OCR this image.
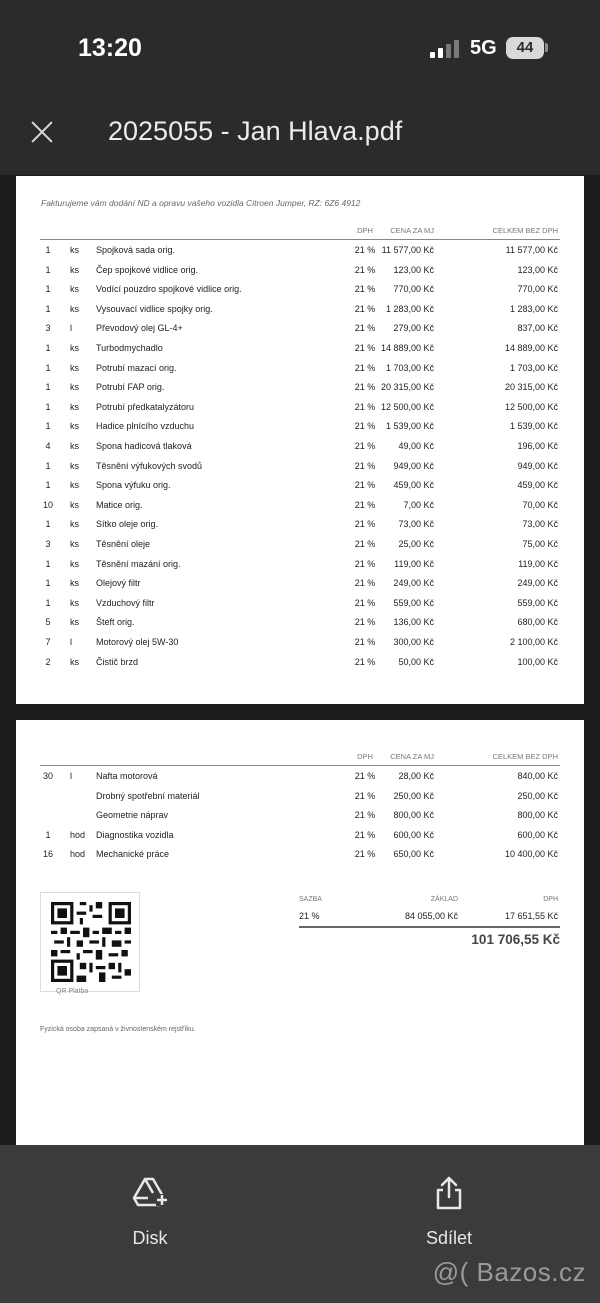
13:20	5G	44
2025055 - Jan Hlava.pdf
Fakturujeme vám dodání ND a opravu vašeho vozidla Citroen Jumper, RZ: 6Z6 4912
DPH	CENA ZA MJ	CELKEM BEZ DPH
1	ks Spojková sada orig.	21 % 11 577,00 Kč	11 577,00 Kč
1	ks Čep spojkové vidlice orig.	21 %	123,00 Kč	123,00 Kč
1	ks Vodící pouzdro spojkové vidlice orig.	21 %	770,00 Kč	770,00 Kč
1	ks Vysouvací vidlice spojky orig.	21 %	1 283,00 Kč	1 283,00 Kč
3	l	Převodový olej GL-4+	21 %	279,00 Kč	837,00 Kč
1	ks Turbodmychadlo	21 % 14 889,00 Kč	14 889,00 Kč
1	ks Potrubí mazací orig.	21 %	1 703,00 Kč	1 703,00 Kč
1	ks Potrubí FAP orig.	21 % 20 315,00 Kč	20 315,00 Kč
1	ks Potrubí předkatalyzátoru	21 % 12 500,00 Kč	12 500,00 Kč
1	ks Hadice plnícího vzduchu	21 %	1 539,00 Kč	1 539,00 Kč
4	ks Spona hadicová tlaková	21 %	49,00 Kč	196,00 Kč
1	ks Těsnění výfukových svodů	21 %	949,00 Kč	949,00 Kč
1	ks Spona výfuku orig.	21 %	459,00 Kč	459,00 Kč
10	ks Matice orig.	21 %	7,00 Kč	70,00 Kč
1	ks Sítko oleje orig.	21 %	73,00 Kč	73,00 Kč
3	ks Těsnění oleje	21 %	25,00 Kč	75,00 Kč
1	ks Těsnění mazání orig.	21 %	119,00 Kč	119,00 Kč
1	ks Olejový filtr	21 %	249,00 Kč	249,00 Kč
1	ks Vzduchový filtr	21 %	559,00 Kč	559,00 Kč
5	ks Šteft orig.	21 %	136,00 Kč	680,00 Kč
7	l	Motorový olej 5W-30	21 %	300,00 Kč	2 100,00 Kč
2	ks Čistič brzd	21 %	50,00 Kč	100,00 Kč
DPH	CENA ZA MJ	CELKEM BEZ DPH
30	l	Nafta motorová	21 %	28,00 Kč	840,00 Kč
Drobný spotřební materiál	21 %	250,00 Kč	250,00 Kč
Geometrie náprav	21 %	800,00 Kč	800,00 Kč
1	hod Diagnostika vozidla	21 %	600,00 Kč	600,00 Kč
16	hod Mechanické práce	21 %	650,00 Kč	10 400,00 Kč
QR Platba
SAZBA	ZÁKLAD	DPH
21 %	84 055,00 Kč	17 651,55 Kč
101 706,55 Kč
Fyzická osoba zapsaná v živnostenském rejstříku.
Disk	Sdílet
@( Bazos.cz
